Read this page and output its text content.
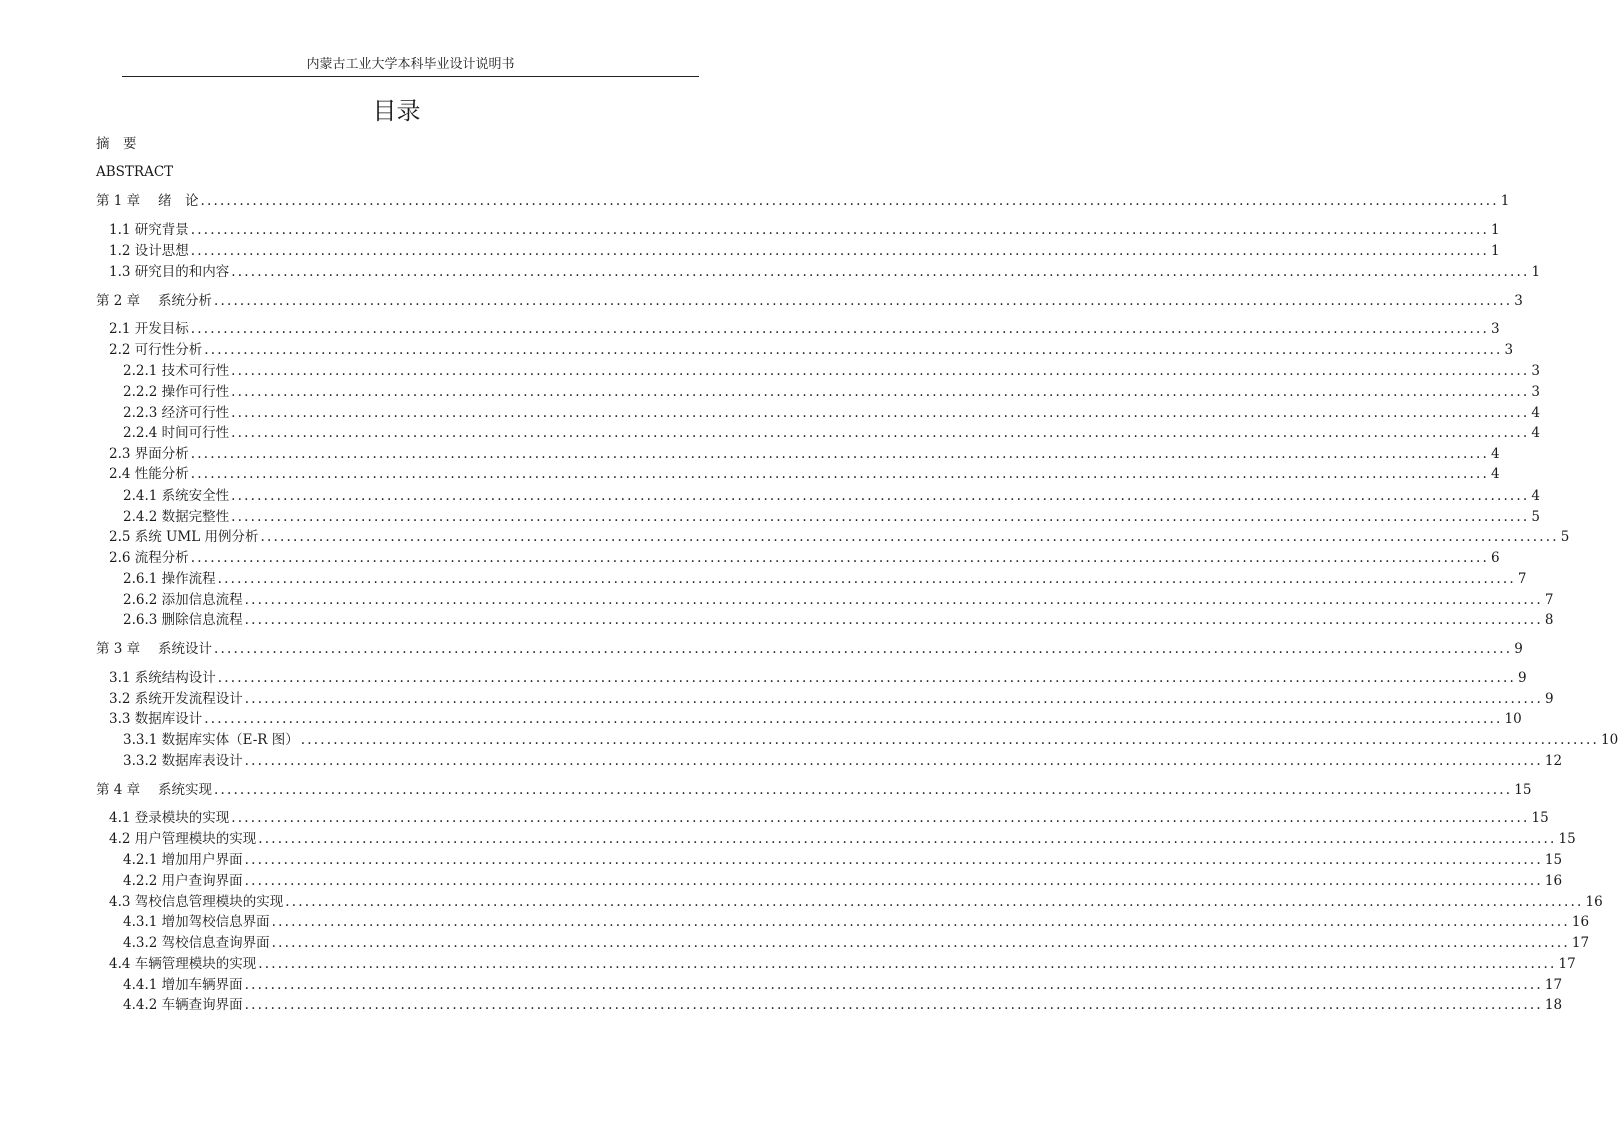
内蒙古工业大学本科毕业设计说明书
目录
摘　要
ABSTRACT
第 1 章　 绪　论 ........................................................................................................................................................................................................ 1
1.1 研究背景 ........................................................................................................................................................................................................ 1
1.2 设计思想 ........................................................................................................................................................................................................ 1
1.3 研究目的和内容 ........................................................................................................................................................................................................ 1
第 2 章　 系统分析 ........................................................................................................................................................................................................ 3
2.1 开发目标 ........................................................................................................................................................................................................ 3
2.2 可行性分析 ........................................................................................................................................................................................................ 3
2.2.1 技术可行性 ........................................................................................................................................................................................................ 3
2.2.2 操作可行性 ........................................................................................................................................................................................................ 3
2.2.3 经济可行性 ........................................................................................................................................................................................................ 4
2.2.4 时间可行性 ........................................................................................................................................................................................................ 4
2.3 界面分析 ........................................................................................................................................................................................................ 4
2.4 性能分析 ........................................................................................................................................................................................................ 4
2.4.1 系统安全性 ........................................................................................................................................................................................................ 4
2.4.2 数据完整性 ........................................................................................................................................................................................................ 5
2.5 系统 UML 用例分析 ........................................................................................................................................................................................................ 5
2.6 流程分析 ........................................................................................................................................................................................................ 6
2.6.1 操作流程 ........................................................................................................................................................................................................ 7
2.6.2 添加信息流程 ........................................................................................................................................................................................................ 7
2.6.3 删除信息流程 ........................................................................................................................................................................................................ 8
第 3 章　 系统设计 ........................................................................................................................................................................................................ 9
3.1 系统结构设计 ........................................................................................................................................................................................................ 9
3.2 系统开发流程设计 ........................................................................................................................................................................................................ 9
3.3 数据库设计 ........................................................................................................................................................................................................ 10
3.3.1 数据库实体（E-R 图） ........................................................................................................................................................................................................ 10
3.3.2 数据库表设计 ........................................................................................................................................................................................................ 12
第 4 章　 系统实现 ........................................................................................................................................................................................................ 15
4.1 登录模块的实现 ........................................................................................................................................................................................................ 15
4.2 用户管理模块的实现 ........................................................................................................................................................................................................ 15
4.2.1 增加用户界面 ........................................................................................................................................................................................................ 15
4.2.2 用户查询界面 ........................................................................................................................................................................................................ 16
4.3 驾校信息管理模块的实现 ........................................................................................................................................................................................................ 16
4.3.1 增加驾校信息界面 ........................................................................................................................................................................................................ 16
4.3.2 驾校信息查询界面 ........................................................................................................................................................................................................ 17
4.4 车辆管理模块的实现 ........................................................................................................................................................................................................ 17
4.4.1 增加车辆界面 ........................................................................................................................................................................................................ 17
4.4.2 车辆查询界面 ........................................................................................................................................................................................................ 18
